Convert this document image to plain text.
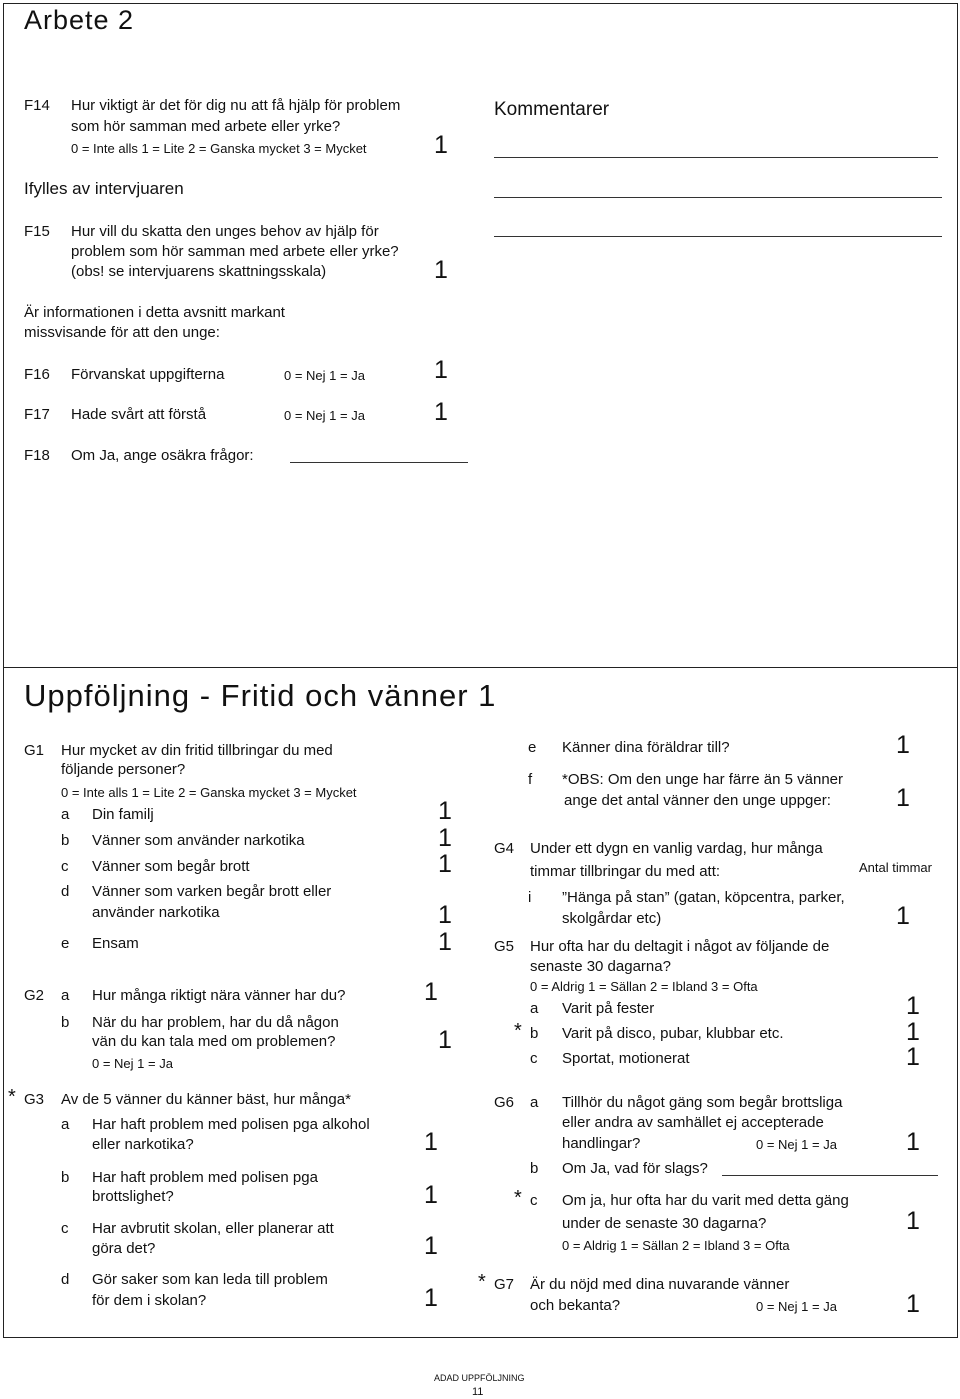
Arbete 2
F14 Hur viktigt är det för dig nu att få hjälp för problem
som hör samman med arbete eller yrke?
0 = Inte alls 1 = Lite 2 = Ganska mycket 3 = Mycket	1
Ifylles av intervjuaren
F15 Hur vill du skatta den unges behov av hjälp för
problem som hör samman med arbete eller yrke?
(obs! se intervjuarens skattningsskala)	1
Är informationen i detta avsnitt markant
missvisande för att den unge:
F16 Förvanskat uppgifterna	0 = Nej 1 = Ja	1
F17 Hade svårt att förstå	0 = Nej 1 = Ja	1
F18 Om Ja, ange osäkra frågor:
Kommentarer
Uppföljning - Fritid och vänner 1
G1 Hur mycket av din fritid tillbringar du med
följande personer?
0 = Inte alls 1 = Lite 2 = Ganska mycket 3 = Mycket
a Din familj	1
b Vänner som använder narkotika	1
c Vänner som begår brott	1
d Vänner som varken begår brott eller
använder narkotika	1
e Ensam	1
G2 a Hur många riktigt nära vänner har du?	1
b När du har problem, har du då någon
vän du kan tala med om problemen?	1
0 = Nej 1 = Ja
* G3 Av de 5 vänner du känner bäst, hur många*
a Har haft problem med polisen pga alkohol
eller narkotika?	1
b Har haft problem med polisen pga
brottslighet?	1
c Har avbrutit skolan, eller planerar att
göra det?	1
d Gör saker som kan leda till problem
för dem i skolan?	1
e Känner dina föräldrar till?	1
f *OBS: Om den unge har färre än 5 vänner
ange det antal vänner den unge uppger:	1
G4 Under ett dygn en vanlig vardag, hur många
timmar tillbringar du med att:	Antal timmar
i ”Hänga på stan” (gatan, köpcentra, parker,
skolgårdar etc)	1
G5 Hur ofta har du deltagit i något av följande de
senaste 30 dagarna?
0 = Aldrig 1 = Sällan 2 = Ibland 3 = Ofta
a Varit på fester	1
* b Varit på disco, pubar, klubbar etc.	1
c Sportat, motionerat	1
G6 a Tillhör du något gäng som begår brottsliga
eller andra av samhället ej accepterade
handlingar?	0 = Nej 1 = Ja	1
b Om Ja, vad för slags?
* c Om ja, hur ofta har du varit med detta gäng
under de senaste 30 dagarna?	1
0 = Aldrig 1 = Sällan 2 = Ibland 3 = Ofta
* G7 Är du nöjd med dina nuvarande vänner
och bekanta?	0 = Nej 1 = Ja	1
ADAD UPPFÖLJNING
11
